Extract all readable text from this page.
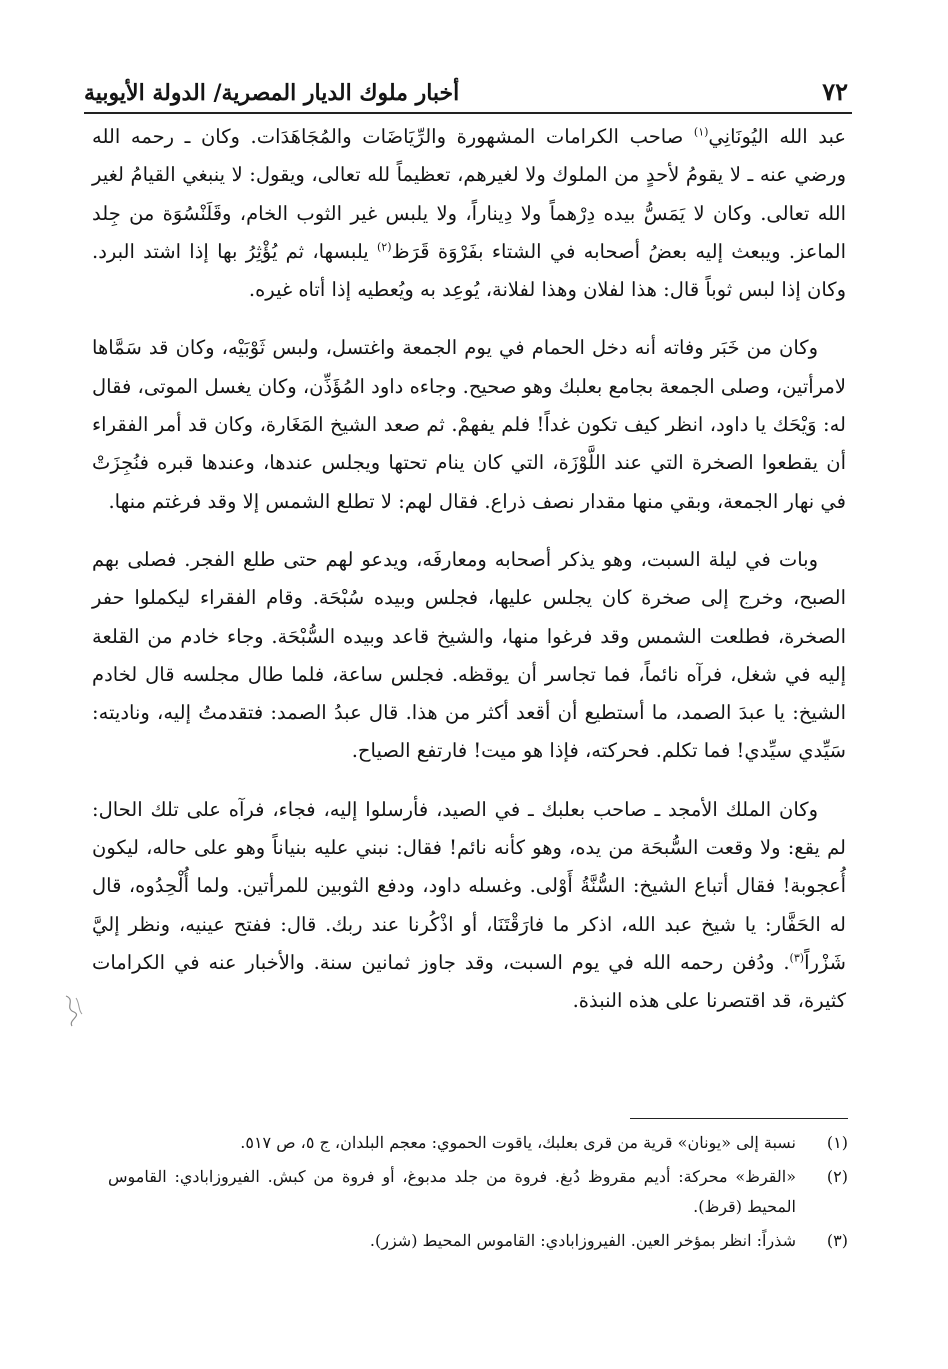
٧٢
أخبار ملوك الديار المصرية/ الدولة الأيوبية

عبد الله اليُونَانِي$^{(١)}$ صاحب الكرامات المشهورة والرِّيَاضَات والمُجَاهَدَات. وكان ـ رحمه الله ورضي عنه ـ لا يقومُ لأحدٍ من الملوك ولا لغيرهم، تعظيماً لله تعالى، ويقول: لا ينبغي القيامُ لغير الله تعالى. وكان لا يَمَسُّ بيده دِرْهماً ولا دِيناراً، ولا يلبس غير الثوب الخام، وقَلَنْسُوَة من جِلد الماعز. ويبعث إليه بعضُ أصحابه في الشتاء بفَرْوَة قَرَظ$^{(٢)}$ يلبسها، ثم يُؤْثِرُ بها إذا اشتد البرد. وكان إذا لبس ثوباً قال: هذا لفلان وهذا لفلانة، يُوعِد به ويُعطيه إذا أتاه غيره.

وكان من خَبَر وفاته أنه دخل الحمام في يوم الجمعة واغتسل، ولبس ثَوْبَيْه، وكان قد سَمَّاها لامرأتين، وصلى الجمعة بجامع بعلبك وهو صحيح. وجاءه داود المُؤَذِّن، وكان يغسل الموتى، فقال له: وَيْحَك يا داود، انظر كيف تكون غداً! فلم يفهمْ. ثم صعد الشيخ المَغَارة، وكان قد أمر الفقراء أن يقطعوا الصخرة التي عند اللَّوْزَة، التي كان ينام تحتها ويجلس عندها، وعندها قبره فنُجِزَتْ في نهار الجمعة، وبقي منها مقدار نصف ذراع. فقال لهم: لا تطلع الشمس إلا وقد فرغتم منها.

وبات في ليلة السبت، وهو يذكر أصحابه ومعارفَه، ويدعو لهم حتى طلع الفجر. فصلى بهم الصبح، وخرج إلى صخرة كان يجلس عليها، فجلس وبيده سُبْحَة. وقام الفقراء ليكملوا حفر الصخرة، فطلعت الشمس وقد فرغوا منها، والشيخ قاعد وبيده السُّبْحَة. وجاء خادم من القلعة إليه في شغل، فرآه نائماً، فما تجاسر أن يوقظه. فجلس ساعة، فلما طال مجلسه قال لخادم الشيخ: يا عبدَ الصمد، ما أستطيع أن أقعد أكثر من هذا. قال عبدُ الصمد: فتقدمتُ إليه، وناديته: سَيِّدي سيِّدي! فما تكلم. فحركته، فإذا هو ميت! فارتفع الصياح.

وكان الملك الأمجد ـ صاحب بعلبك ـ في الصيد، فأرسلوا إليه، فجاء، فرآه على تلك الحال: لم يقع: ولا وقعت السُّبحَة من يده، وهو كأنه نائم! فقال: نبني عليه بنياناً وهو على حاله، ليكون أُعجوبة! فقال أتباع الشيخ: السُّنَّةُ أَوْلى. وغسله داود، ودفع الثوبين للمرأتين. ولما أُلْحِدُوه، قال له الحَفَّار: يا شيخ عبد الله، اذكر ما فارَقْتَنَا، أو اذْكُرنا عند ربك. قال: ففتح عينيه، ونظر إليَّ شَزْراً$^{(٣)}$. ودُفن رحمه الله في يوم السبت، وقد جاوز ثمانين سنة. والأخبار عنه في الكرامات كثيرة، قد اقتصرنا على هذه النبذة.

(١)
نسبة إلى «يونان» قرية من قرى بعلبك، ياقوت الحموي: معجم البلدان، ج ٥، ص ٥١٧.
(٢)
«القرظ» محركة: أديم مقروظ دُبغ. فروة من جلد مدبوغ، أو فروة من كبش. الفيروزابادي: القاموس المحيط (قرظ).
(٣)
شذراً: انظر بمؤخر العين. الفيروزابادي: القاموس المحيط (شزر).
